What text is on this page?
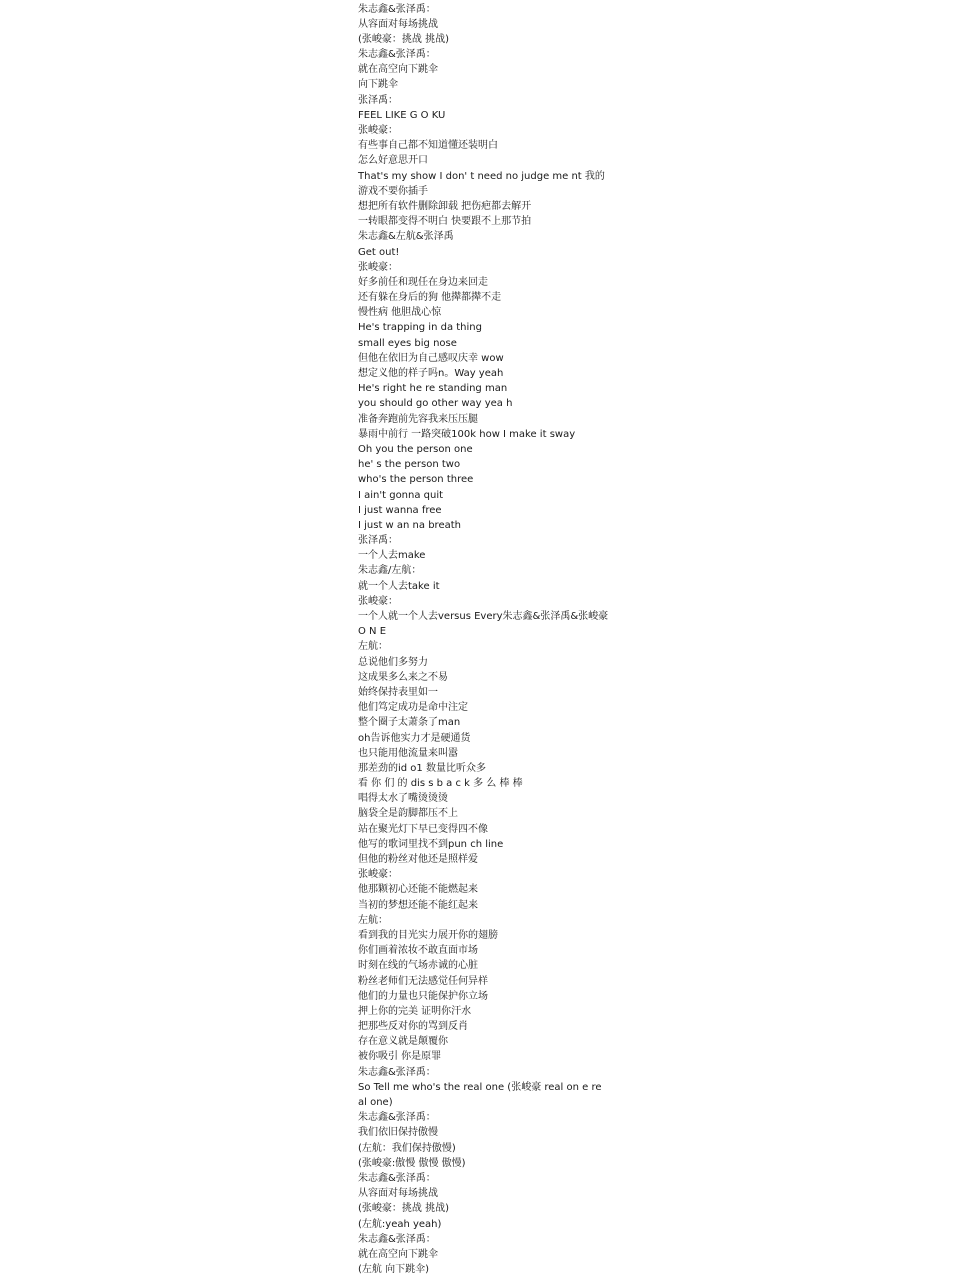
朱志鑫&张泽禹：
从容面对每场挑战
(张峻豪：挑战 挑战)
朱志鑫&张泽禹：
就在高空向下跳伞
向下跳伞
张泽禹：
FEEL LIKE G O KU
张峻豪：
有些事自己都不知道懂还装明白
怎么好意思开口
That's my show I don' t need no judge me nt 我的
游戏不要你插手
想把所有软件删除卸载 把伤疤都去解开
一转眼都变得不明白 快要跟不上那节拍
朱志鑫&左航&张泽禹
Get out!
张峻豪：
好多前任和现任在身边来回走
还有躲在身后的狗 他撵都撵不走
慢性病 他胆战心惊
He's trapping in da thing
small eyes big nose
但他在依旧为自己感叹庆幸 wow
想定义他的样子吗n。Way yeah
He's right he re standing man
you should go other way yea h
准备奔跑前先容我来压压腿
暴雨中前行 一路突破100k how I make it sway
Oh you the person one
he' s the person two
who's the person three
I ain't gonna quit
I just wanna free
I just w an na breath
张泽禹：
一个人去make
朱志鑫/左航：
就一个人去take it
张峻豪：
一个人就一个人去versus Every朱志鑫&张泽禹&张峻豪
O N E
左航：
总说他们多努力
这成果多么来之不易
始终保持表里如一
他们笃定成功是命中注定
整个圈子太萧条了man
oh告诉他实力才是硬通货
也只能用他流量来叫嚣
那差劲的id o1 数量比听众多
看 你 们 的 dis s b a c k 多 么 棒 棒
唱得太水了嘴烫烫烫
脑袋全是韵脚都压不上
站在聚光灯下早已变得四不像
他写的歌词里找不到pun ch line
但他的粉丝对他还是照样爱
张峻豪：
他那颗初心还能不能燃起来
当初的梦想还能不能红起来
左航：
看到我的目光实力展开你的翅膀
你们画着浓妆不敢直面市场
时刻在线的气场赤诚的心脏
粉丝老师们无法感觉任何异样
他们的力量也只能保护你立场
押上你的完美 证明你汗水
把那些反对你的骂到反肖
存在意义就是颠覆你
被你吸引 你是原罪
朱志鑫&张泽禹：
So Tell me who's the real one (张峻豪 real on e re
al one)
朱志鑫&张泽禹：
我们依旧保持傲慢
(左航：我们保持傲慢)
(张峻豪:傲慢 傲慢 傲慢)
朱志鑫&张泽禹：
从容面对每场挑战
(张峻豪：挑战 挑战)
(左航:yeah yeah)
朱志鑫&张泽禹：
就在高空向下跳伞
(左航 向下跳伞)
